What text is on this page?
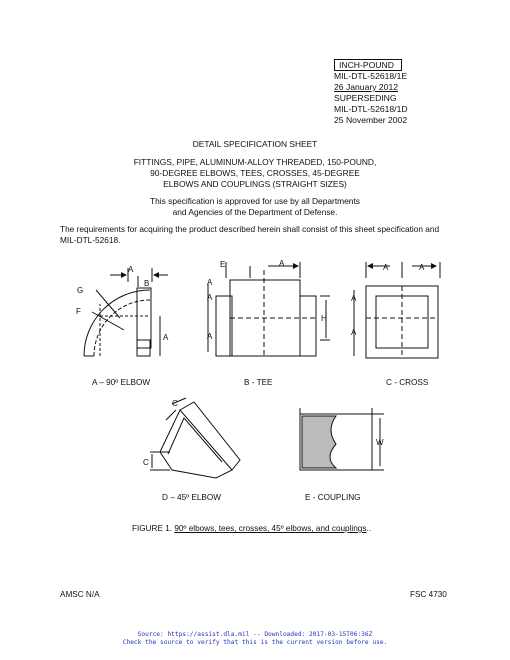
INCH-POUND
MIL-DTL-52618/1E
26 January 2012
SUPERSEDING
MIL-DTL-52618/1D
25 November 2002
DETAIL SPECIFICATION SHEET
FITTINGS, PIPE, ALUMINUM-ALLOY THREADED, 150-POUND,
90-DEGREE ELBOWS, TEES, CROSSES, 45-DEGREE
ELBOWS AND COUPLINGS (STRAIGHT SIZES)
This specification is approved for use by all Departments
and Agencies of the Department of Defense.
The requirements for acquiring the product described herein shall consist of this sheet specification and MIL-DTL-52618.
A
B
G
F
A
E	A
A
A
A
H
A	A
A
A
C
C
W
A – 90º ELBOW	B - TEE	C - CROSS
D – 45º ELBOW	E - COUPLING
FIGURE 1. 90º elbows, tees, crosses, 45º elbows, and couplings..
AMSC N/A	FSC 4730
Source: https://assist.dla.mil -- Downloaded: 2017-03-15T06:36Z
Check the source to verify that this is the current version before use.
